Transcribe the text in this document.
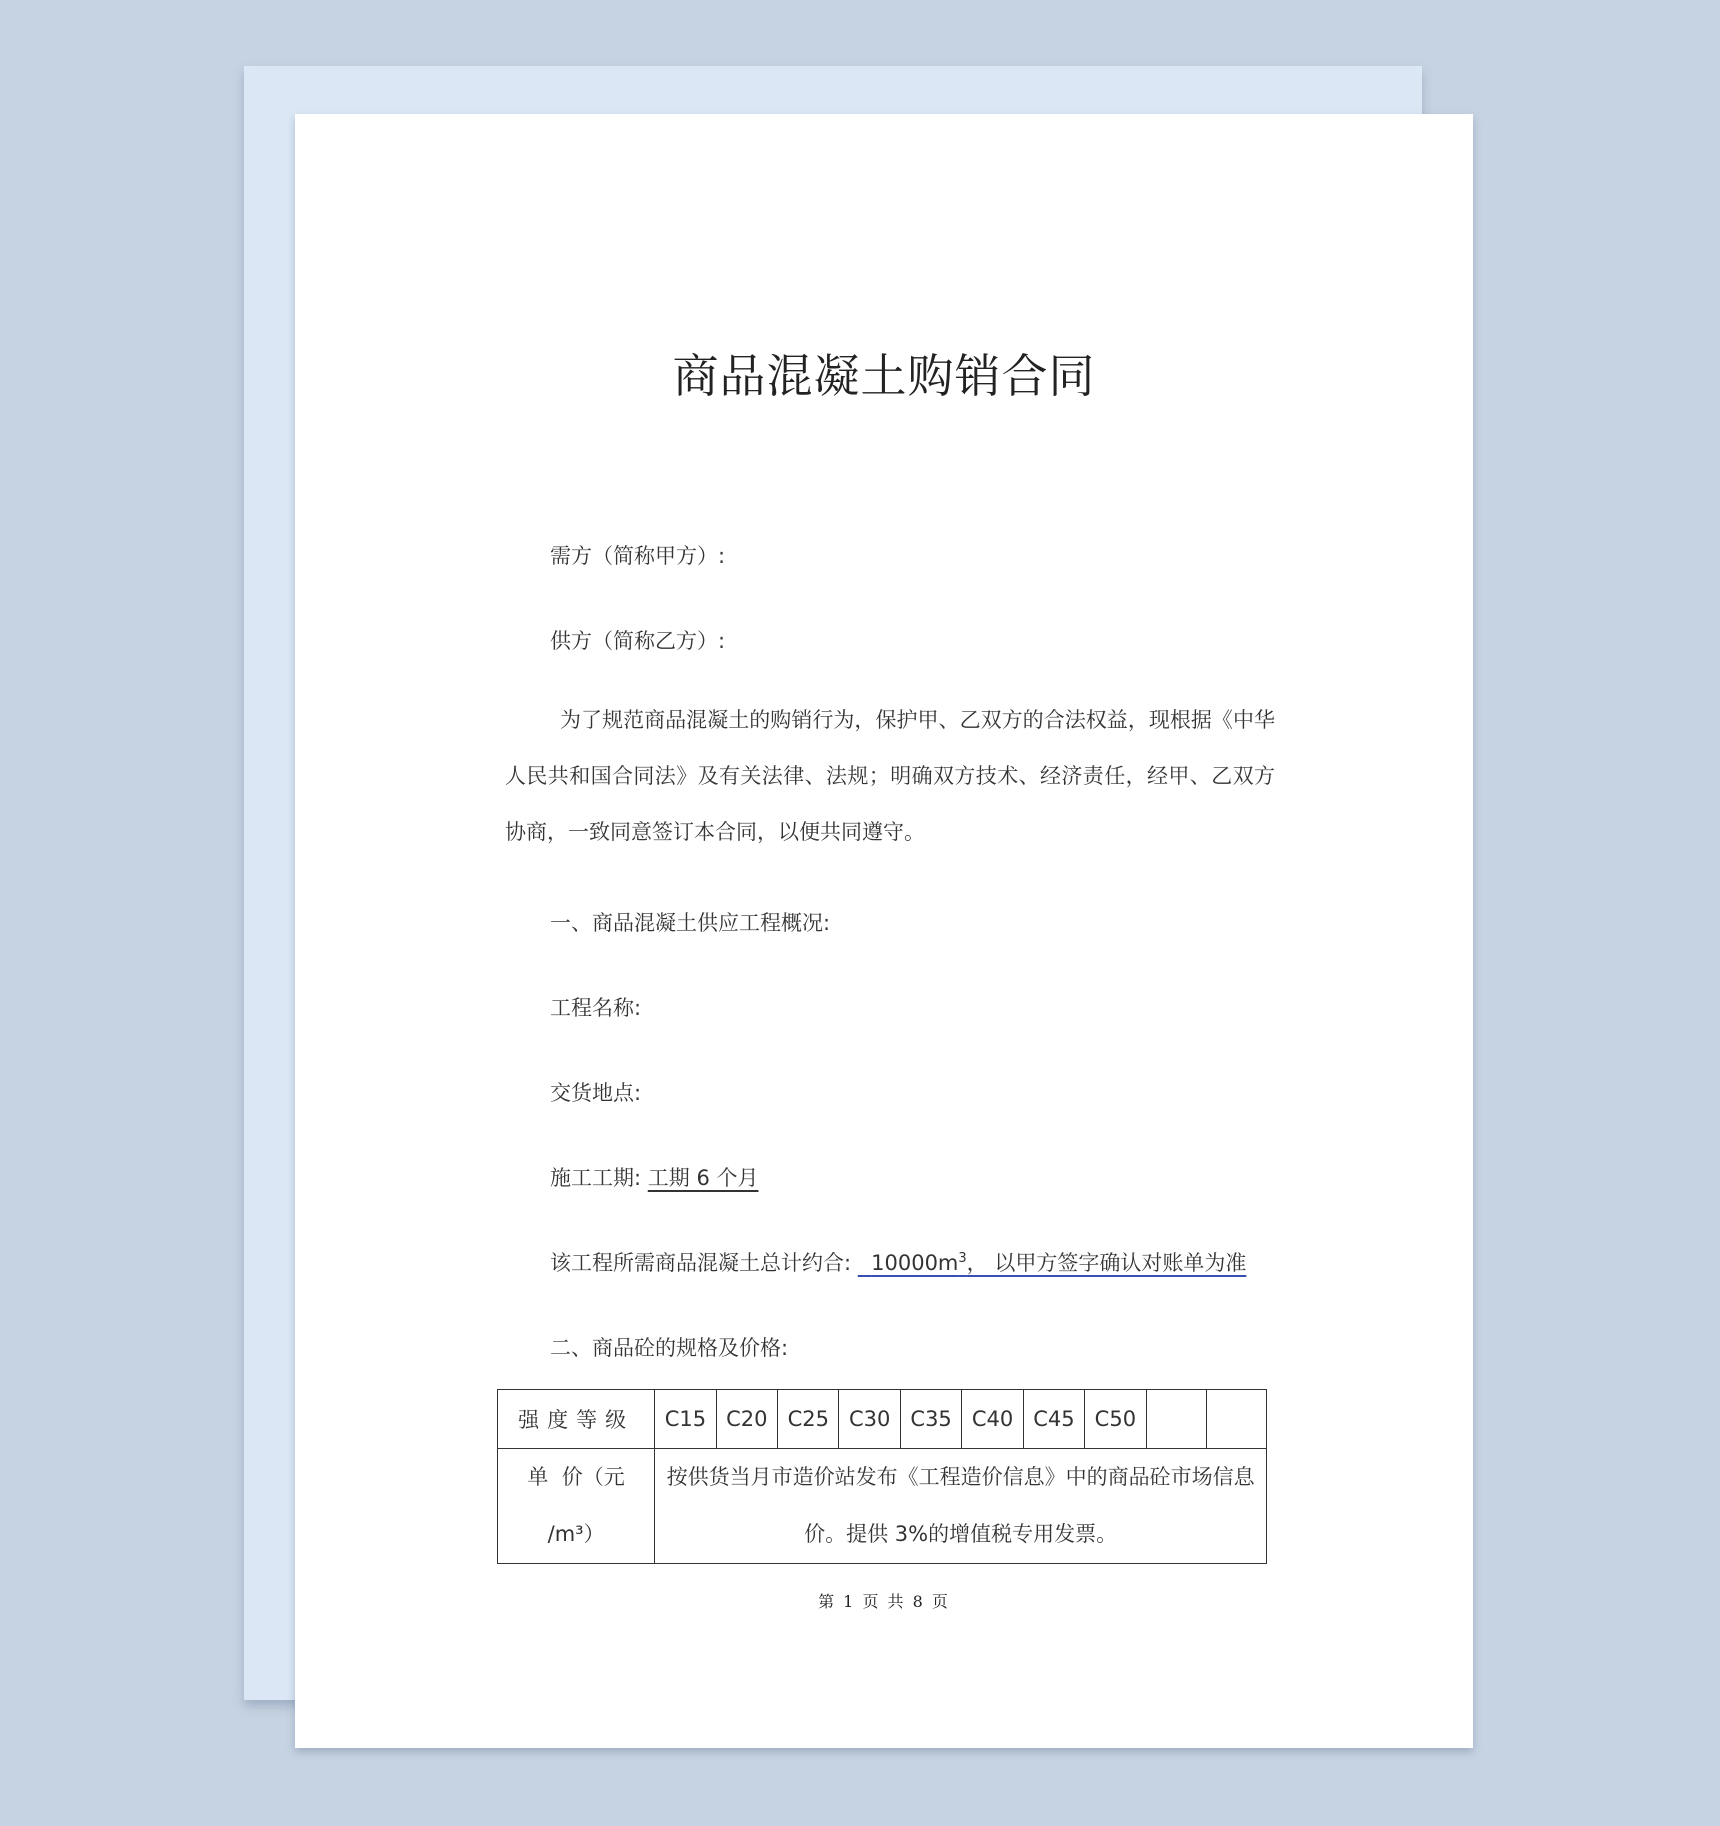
商品混凝土购销合同
需方（简称甲方）:
供方（简称乙方）:
为了规范商品混凝土的购销行为，保护甲、乙双方的合法权益，现根据《中华人民共和国合同法》及有关法律、法规；明确双方技术、经济责任，经甲、乙双方协商，一致同意签订本合同，以便共同遵守。
一、商品混凝土供应工程概况:
工程名称:
交货地点:
施工工期: 工期 6 个月
该工程所需商品混凝土总计约合: $10000m^3$， 以甲方签字确认对账单为准
二、商品砼的规格及价格:
强度等级	C15	C20	C25	C30	C35	C40	C45	C50		

单  价（元
/m³）	按供货当月市造价站发布《工程造价信息》中的商品砼市场信息价。提供 3%的增值税专用发票。									
第 1 页 共 8 页
